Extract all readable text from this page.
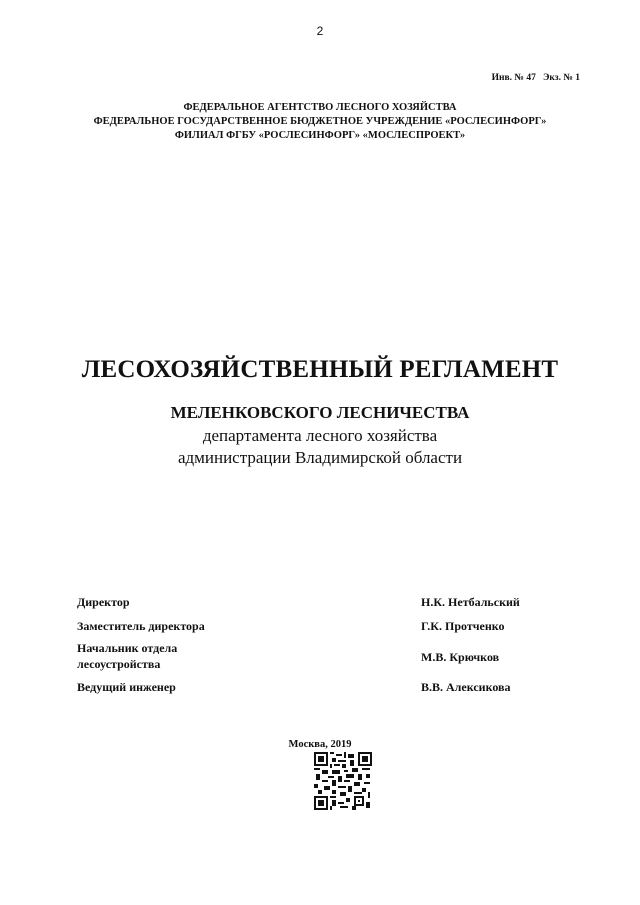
2
Инв. № 47   Экз. № 1
ФЕДЕРАЛЬНОЕ АГЕНТСТВО ЛЕСНОГО ХОЗЯЙСТВА
ФЕДЕРАЛЬНОЕ ГОСУДАРСТВЕННОЕ БЮДЖЕТНОЕ УЧРЕЖДЕНИЕ «РОСЛЕСИНФОРГ»
ФИЛИАЛ ФГБУ «РОСЛЕСИНФОРГ» «МОСЛЕСПРОЕКТ»
ЛЕСОХОЗЯЙСТВЕННЫЙ РЕГЛАМЕНТ
МЕЛЕНКОВСКОГО ЛЕСНИЧЕСТВА
департамента лесного хозяйства
администрации Владимирской области
Директор	Н.К. Нетбальский
Заместитель директора	Г.К. Протченко
Начальник отдела
лесоустройства	М.В. Крючков
Ведущий инженер	В.В. Алексикова
Москва, 2019
